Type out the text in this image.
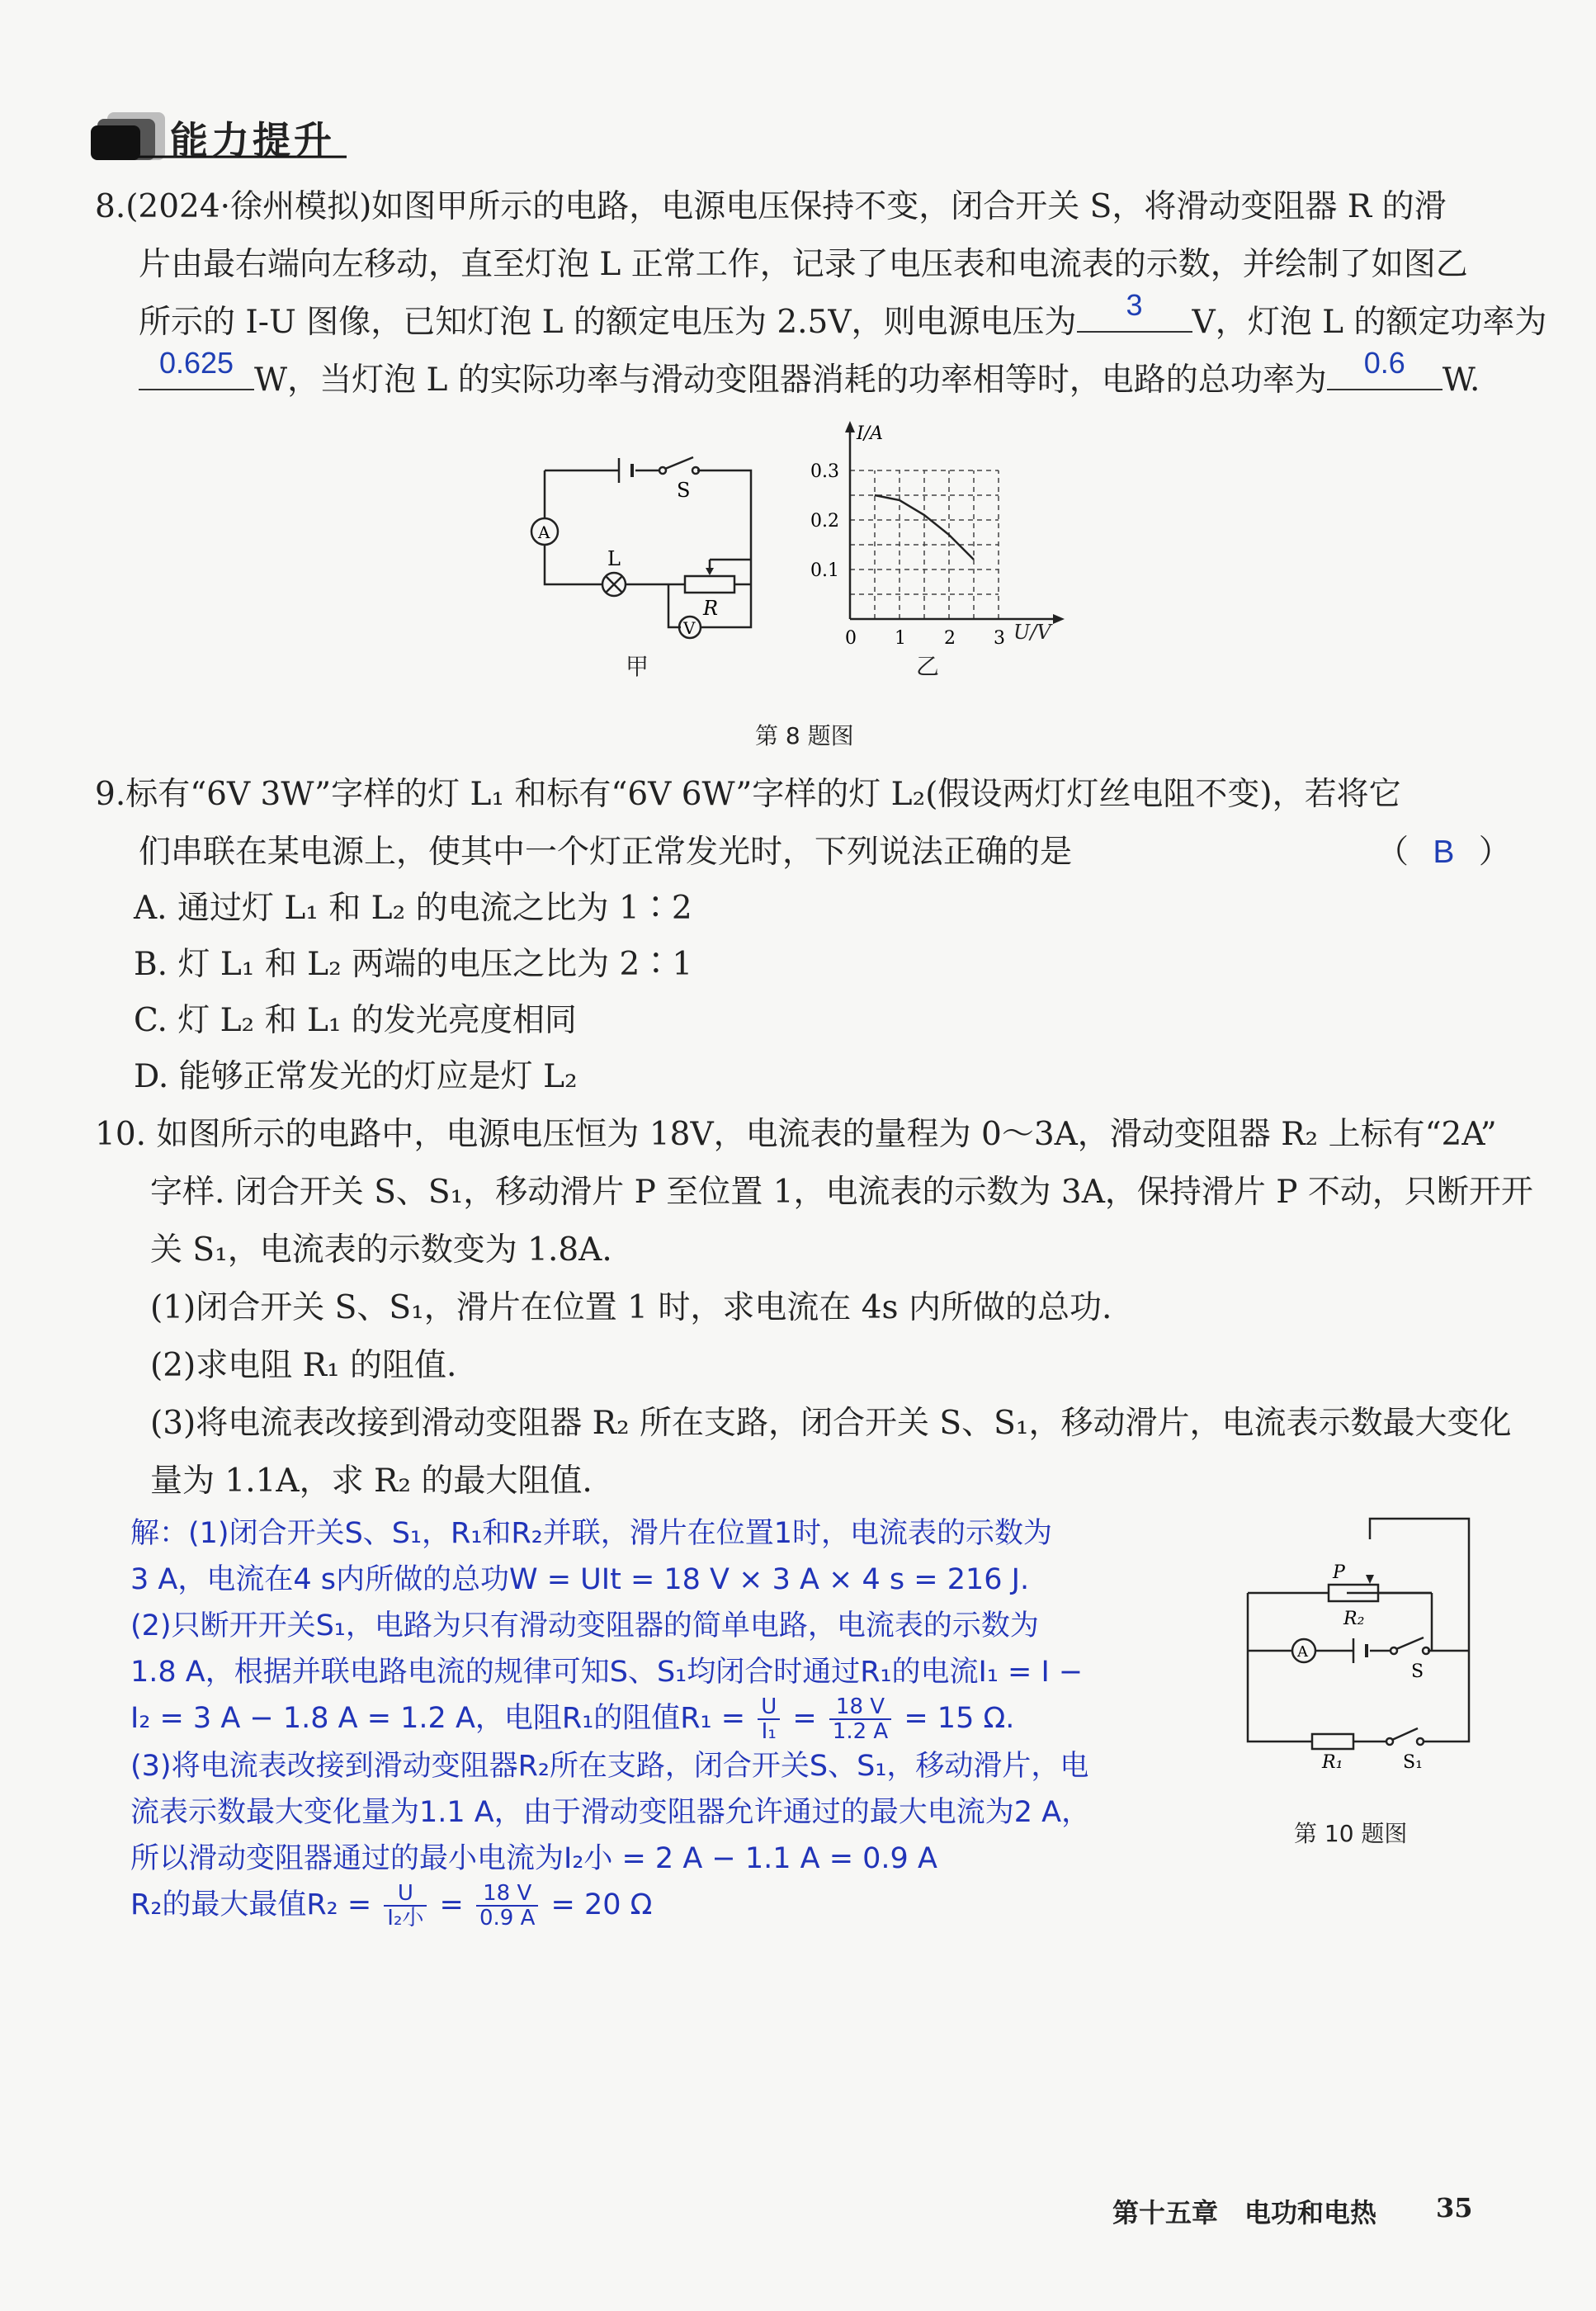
能力提升
8.(2024·徐州模拟)如图甲所示的电路，电源电压保持不变，闭合开关 S，将滑动变阻器 R 的滑
片由最右端向左移动，直至灯泡 L 正常工作，记录了电压表和电流表的示数，并绘制了如图乙
所示的 I-U 图像，已知灯泡 L 的额定电压为 2.5V，则电源电压为	3	V，灯泡 L 的额定功率为
0.625 W，当灯泡 L 的实际功率与滑动变阻器消耗的功率相等时，电路的总功率为	0.6	W.
A
V
S
L
R
甲
0 1 2 3
0.1
0.2
0.3
I/A
U/V
乙
第 8 题图
9.标有“6V 3W”字样的灯 L₁ 和标有“6V 6W”字样的灯 L₂(假设两灯灯丝电阻不变)，若将它
们串联在某电源上，使其中一个灯正常发光时，下列说法正确的是	（ B ）
A. 通过灯 L₁ 和 L₂ 的电流之比为 1∶2
B. 灯 L₁ 和 L₂ 两端的电压之比为 2∶1
C. 灯 L₂ 和 L₁ 的发光亮度相同
D. 能够正常发光的灯应是灯 L₂
10. 如图所示的电路中，电源电压恒为 18V，电流表的量程为 0～3A，滑动变阻器 R₂ 上标有“2A”
字样. 闭合开关 S、S₁，移动滑片 P 至位置 1，电流表的示数为 3A，保持滑片 P 不动，只断开开
关 S₁，电流表的示数变为 1.8A.
(1)闭合开关 S、S₁，滑片在位置 1 时，求电流在 4s 内所做的总功.
(2)求电阻 R₁ 的阻值.
(3)将电流表改接到滑动变阻器 R₂ 所在支路，闭合开关 S、S₁，移动滑片，电流表示数最大变化
量为 1.1A，求 R₂ 的最大阻值.
解：(1)闭合开关S、S₁，R₁和R₂并联，滑片在位置1时，电流表的示数为
3 A，电流在4 s内所做的总功W = UIt = 18 V × 3 A × 4 s = 216 J.
(2)只断开开关S₁，电路为只有滑动变阻器的简单电路，电流表的示数为
1.8 A，根据并联电路电流的规律可知S、S₁均闭合时通过R₁的电流I₁ = I −
I₂ = 3 A − 1.8 A = 1.2 A，电阻R₁的阻值$R_1 = \frac{U}{\text{I₁}} = \frac{18 V}{1.2 A} = 15$ Ω.
(3)将电流表改接到滑动变阻器R₂所在支路，闭合开关S、S₁，移动滑片，电
流表示数最大变化量为1.1 A，由于滑动变阻器允许通过的最大电流为2 A，
所以滑动变阻器通过的最小电流为I₂小 = 2 A − 1.1 A = 0.9 A
R₂的最大最值$R_2 = \frac{U}{\text{I₂小}} = \frac{18 V}{0.9 A} = 20$ Ω
P
R₂
A
S
R₁	S₁
第 10 题图
第十五章　电功和电热 35
